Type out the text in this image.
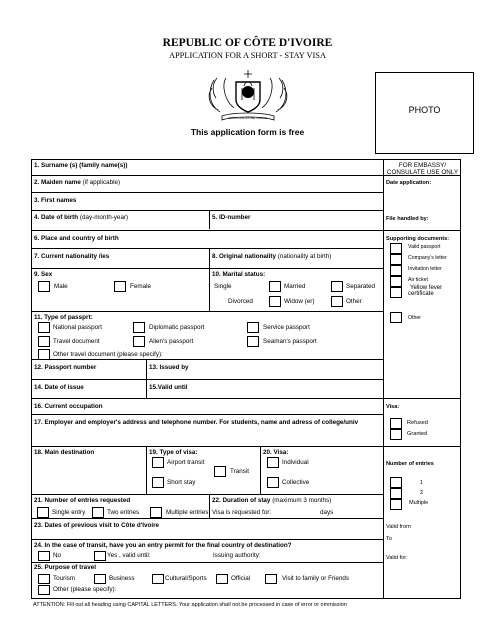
REPUBLIC OF CÔTE D'IVOIRE
APPLICATION FOR A SHORT - STAY VISA
UNION DISCIPLINE TRAVAIL
This application form is free
PHOTO
1. Surname (s) (family name(s))
2. Maiden name (if applicable)
3. First names
4. Date of birth (day-month-year)	5. ID-number
6. Place and country of birth
7. Current nationality /ies	8. Original nationality (nationality at birth)
9. Sex
Male	Female
10. Marital status:
Single	Married	Separated
Divorced	Widow (er)	Other
11. Type of passprt:
National passport	Diplomatic passport	Service passport
Travel document	Alien's passport	Seaman's passport
Other travel document (please specify):
12. Passport number	13. Issued by
14. Date of issue	15.Valid until
16. Current occupation
17. Employer and employer's address and telephone number. For students, name and adress of college/univ
18. Main destination	19. Type of visa:
Airport transit
Transit
Short stay
20. Visa:
Individual
Collective
21. Number of entries requested
Single entry	Two entries	Multiple entries
22. Duration of stay (maximum 3 months)
Visa is requested for:	days
23. Dates of previous visit to Côte d'Ivoire
24. In the case of transit, have you an entry permit for the final country of destination?
No	Yes , valid until:	Issuing authority:
25. Purpose of travel
Tourism	Business	Cultural/Sports	Official	Visit to family or Friends
Other (please specify):
ATTENTION: Fill out all heading using CAPITAL LETTERS. Your application shall not be processed in case of error or ommission
FOR EMBASSY/
CONSULATE USE ONLY
Date application:
File handled by:
Supporting documents:
Valid passport
Company's letter
Invitation letter
Air ticket
Yellow fever
certificate
Other
Visa:
Refused
Granted
Number of entries
1
2
Multiple
Valid from
To
Valid for:
